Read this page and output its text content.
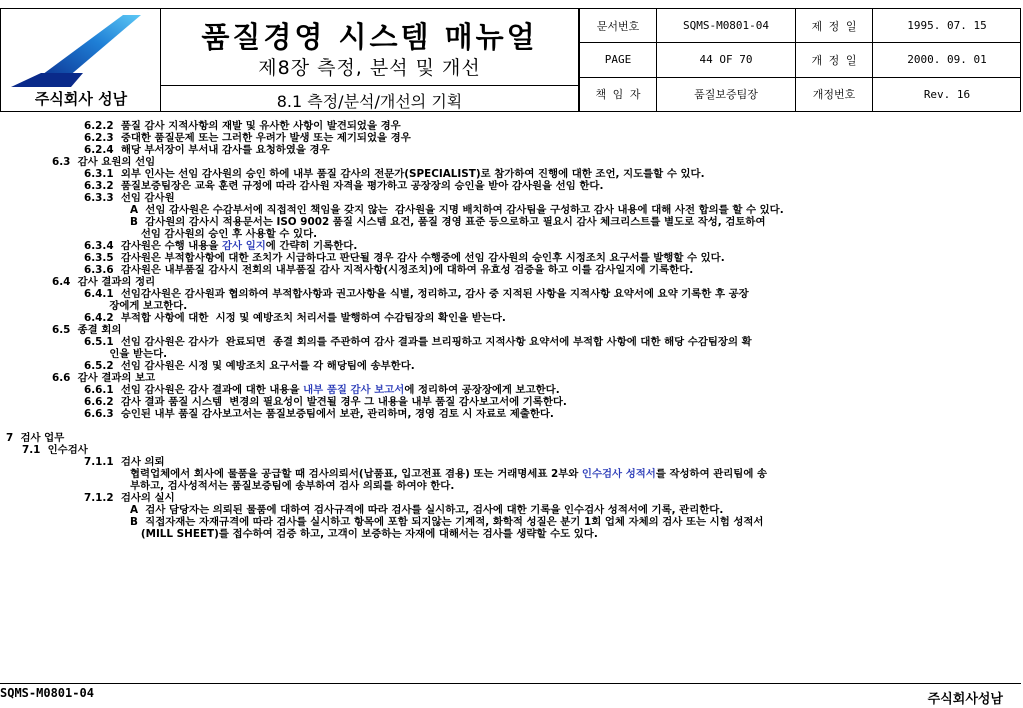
주식회사 성남
품질경영 시스템 매뉴얼
제8장 측정, 분석 및 개선
8.1 측정/분석/개선의 기획
문서번호	SQMS-M0801-04	제 정 일	1995. 07. 15
PAGE	44 OF 70	개 정 일	2000. 09. 01
책 임 자	품질보증팀장	개정번호	Rev. 16
6.2.2  품질 감사 지적사항의 재발 및 유사한 사항이 발견되었을 경우
6.2.3  중대한 품질문제 또는 그러한 우려가 발생 또는 제기되었을 경우
6.2.4  해당 부서장이 부서내 감사를 요청하였을 경우
6.3  감사 요원의 선임
6.3.1  외부 인사는 선임 감사원의 승인 하에 내부 품질 감사의 전문가(SPECIALIST)로 참가하여 진행에 대한 조언, 지도를할 수 있다.
6.3.2  품질보증팀장은 교육 훈련 규정에 따라 감사원 자격을 평가하고 공장장의 승인을 받아 감사원을 선임 한다.
6.3.3  선임 감사원
A  선임 감사원은 수감부서에 직접적인 책임을 갖지 않는  감사원을 지명 배치하여 감사팀을 구성하고 감사 내용에 대해 사전 합의를 할 수 있다.
B  감사원의 감사시 적용문서는 ISO 9002 품질 시스템 요건, 품질 경영 표준 등으로하고 필요시 감사 체크리스트를 별도로 작성, 검토하여
선임 감사원의 승인 후 사용할 수 있다.
6.3.4  감사원은 수행 내용을 감사 일지에 간략히 기록한다.
6.3.5  감사원은 부적합사항에 대한 조치가 시급하다고 판단될 경우 감사 수행중에 선임 감사원의 승인후 시정조치 요구서를 발행할 수 있다.
6.3.6  감사원은 내부품질 감사시 전회의 내부품질 감사 지적사항(시정조치)에 대하여 유효성 검증을 하고 이를 감사일지에 기록한다.
6.4  감사 결과의 정리
6.4.1  선임감사원은 감사원과 협의하여 부적합사항과 권고사항을 식별, 정리하고, 감사 중 지적된 사항을 지적사항 요약서에 요약 기록한 후 공장
장에게 보고한다.
6.4.2  부적합 사항에 대한  시정 및 예방조치 처리서를 발행하여 수감팀장의 확인을 받는다.
6.5  종결 회의
6.5.1  선임 감사원은 감사가  완료되면  종결 회의를 주관하여 감사 결과를 브리핑하고 지적사항 요약서에 부적합 사항에 대한 해당 수감팀장의 확
인을 받는다.
6.5.2  선임 감사원은 시정 및 예방조치 요구서를 각 해당팀에 송부한다.
6.6  감사 결과의 보고
6.6.1  선임 감사원은 감사 결과에 대한 내용을 내부 품질 감사 보고서에 정리하여 공장장에게 보고한다.
6.6.2  감사 결과 품질 시스템  변경의 필요성이 발견될 경우 그 내용을 내부 품질 감사보고서에 기록한다.
6.6.3  승인된 내부 품질 감사보고서는 품질보증팀에서 보관, 관리하며, 경영 검토 시 자료로 제출한다.
7  검사 업무
7.1  인수검사
7.1.1  검사 의뢰
협력업체에서 회사에 물품을 공급할 때 검사의뢰서(납품표, 입고전표 겸용) 또는 거래명세표 2부와 인수검사 성적서를 작성하여 관리팀에 송
부하고, 검사성적서는 품질보증팀에 송부하여 검사 의뢰를 하여야 한다.
7.1.2  검사의 실시
A  검사 담당자는 의뢰된 물품에 대하여 검사규격에 따라 검사를 실시하고, 검사에 대한 기록을 인수검사 성적서에 기록, 관리한다.
B  직접자재는 자재규격에 따라 검사를 실시하고 항목에 포함 되지않는 기계적, 화학적 성질은 분기 1회 업체 자체의 검사 또는 시험 성적서
(MILL SHEET)를 접수하여 검증 하고, 고객이 보증하는 자재에 대해서는 검사를 생략할 수도 있다.
SQMS-M0801-04	주식회사성남
